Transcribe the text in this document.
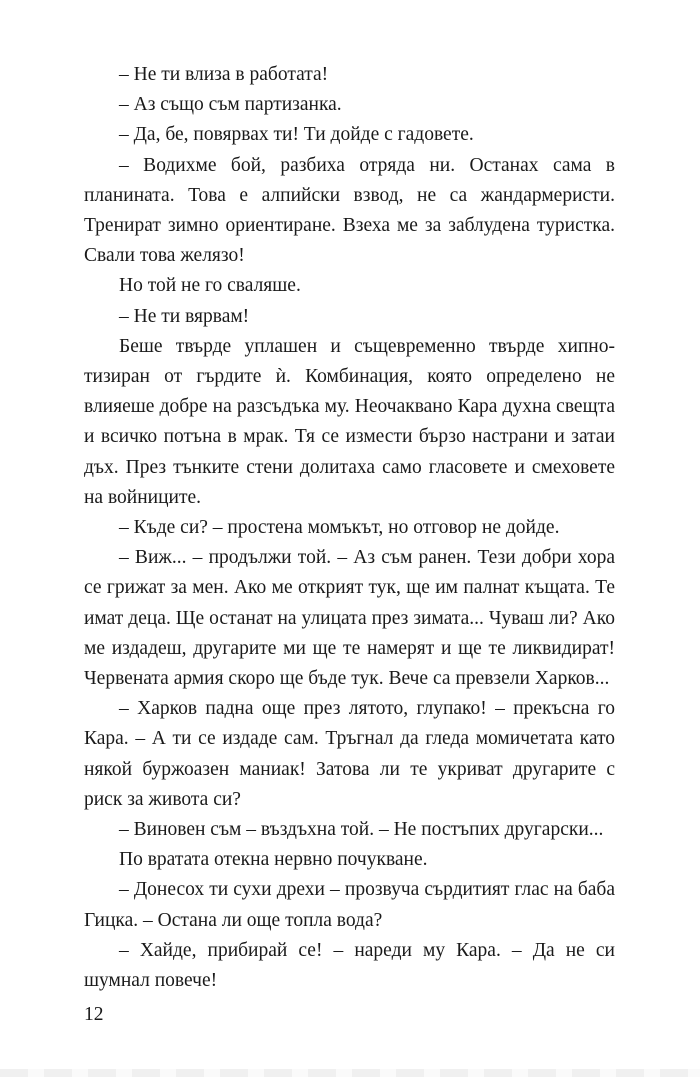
– Не ти влиза в работата!

– Аз също съм партизанка.

– Да, бе, повярвах ти! Ти дойде с гадовете.

– Водихме бой, разбиха отряда ни. Останах сама в планината. Това е алпийски взвод, не са жандармеристи. Тренират зимно ориентиране. Взеха ме за заблудена туристка. Свали това желязо!

Но той не го сваляше.

– Не ти вярвам!

Беше твърде уплашен и същевременно твърде хипнотизиран от гърдите ѝ. Комбинация, която определено не влияеше добре на разсъдъка му. Неочаквано Кара духна свещта и всичко потъна в мрак. Тя се измести бързо настрани и затаи дъх. През тънките стени долитаха само гласовете и смеховете на войниците.

– Къде си? – простена момъкът, но отговор не дойде.

– Виж... – продължи той. – Аз съм ранен. Тези добри хора се грижат за мен. Ако ме открият тук, ще им палнат къщата. Те имат деца. Ще останат на улицата през зимата... Чуваш ли? Ако ме издадеш, другарите ми ще те намерят и ще те ликвидират! Червената армия скоро ще бъде тук. Вече са превзели Харков...

– Харков падна още през лятото, глупако! – прекъсна го Кара. – А ти се издаде сам. Тръгнал да гледа момичетата като някой буржоазен маниак! Затова ли те укриват другарите с риск за живота си?

– Виновен съм – въздъхна той. – Не постъпих другарски...

По вратата отекна нервно почукване.

– Донесох ти сухи дрехи – прозвуча сърдитият глас на баба Гицка. – Остана ли още топла вода?

– Хайде, прибирай се! – нареди му Кара. – Да не си шумнал повече!

12
